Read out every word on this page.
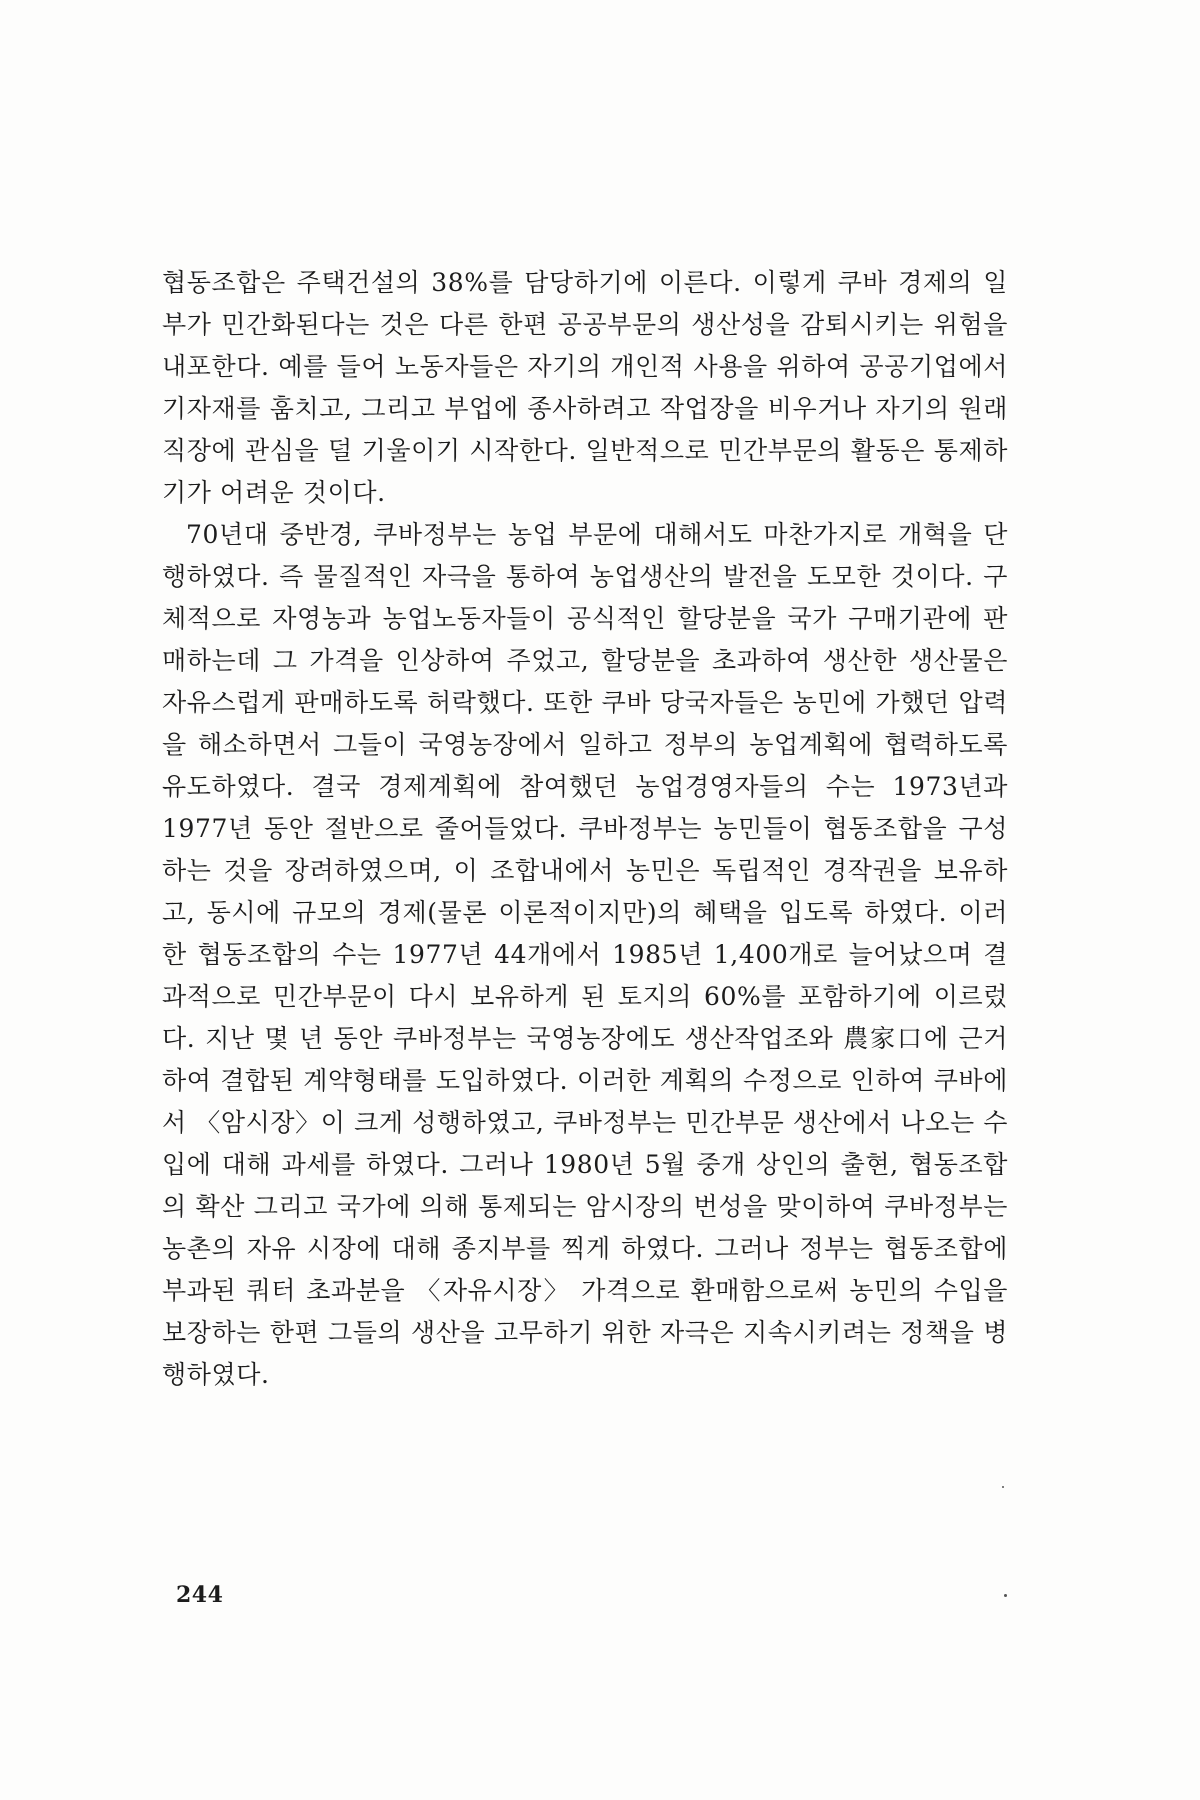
협동조합은 주택건설의 38%를 담당하기에 이른다. 이렇게 쿠바 경제의 일부가 민간화된다는 것은 다른 한편 공공부문의 생산성을 감퇴시키는 위험을 내포한다. 예를 들어 노동자들은 자기의 개인적 사용을 위하여 공공기업에서 기자재를 훔치고, 그리고 부업에 종사하려고 작업장을 비우거나 자기의 원래 직장에 관심을 덜 기울이기 시작한다. 일반적으로 민간부문의 활동은 통제하기가 어려운 것이다.

70년대 중반경, 쿠바정부는 농업 부문에 대해서도 마찬가지로 개혁을 단행하였다. 즉 물질적인 자극을 통하여 농업생산의 발전을 도모한 것이다. 구체적으로 자영농과 농업노동자들이 공식적인 할당분을 국가 구매기관에 판매하는데 그 가격을 인상하여 주었고, 할당분을 초과하여 생산한 생산물은 자유스럽게 판매하도록 허락했다. 또한 쿠바 당국자들은 농민에 가했던 압력을 해소하면서 그들이 국영농장에서 일하고 정부의 농업계획에 협력하도록 유도하였다. 결국 경제계획에 참여했던 농업경영자들의 수는 1973년과 1977년 동안 절반으로 줄어들었다. 쿠바정부는 농민들이 협동조합을 구성하는 것을 장려하였으며, 이 조합내에서 농민은 독립적인 경작권을 보유하고, 동시에 규모의 경제(물론 이론적이지만)의 혜택을 입도록 하였다. 이러한 협동조합의 수는 1977년 44개에서 1985년 1,400개로 늘어났으며 결과적으로 민간부문이 다시 보유하게 된 토지의 60%를 포함하기에 이르렀다. 지난 몇 년 동안 쿠바정부는 국영농장에도 생산작업조와 農家口에 근거하여 결합된 계약형태를 도입하였다. 이러한 계획의 수정으로 인하여 쿠바에서 〈암시장〉이 크게 성행하였고, 쿠바정부는 민간부문 생산에서 나오는 수입에 대해 과세를 하였다. 그러나 1980년 5월 중개 상인의 출현, 협동조합의 확산 그리고 국가에 의해 통제되는 암시장의 번성을 맞이하여 쿠바정부는 농촌의 자유 시장에 대해 종지부를 찍게 하였다. 그러나 정부는 협동조합에 부과된 쿼터 초과분을 〈자유시장〉 가격으로 환매함으로써 농민의 수입을 보장하는 한편 그들의 생산을 고무하기 위한 자극은 지속시키려는 정책을 병행하였다.

244
